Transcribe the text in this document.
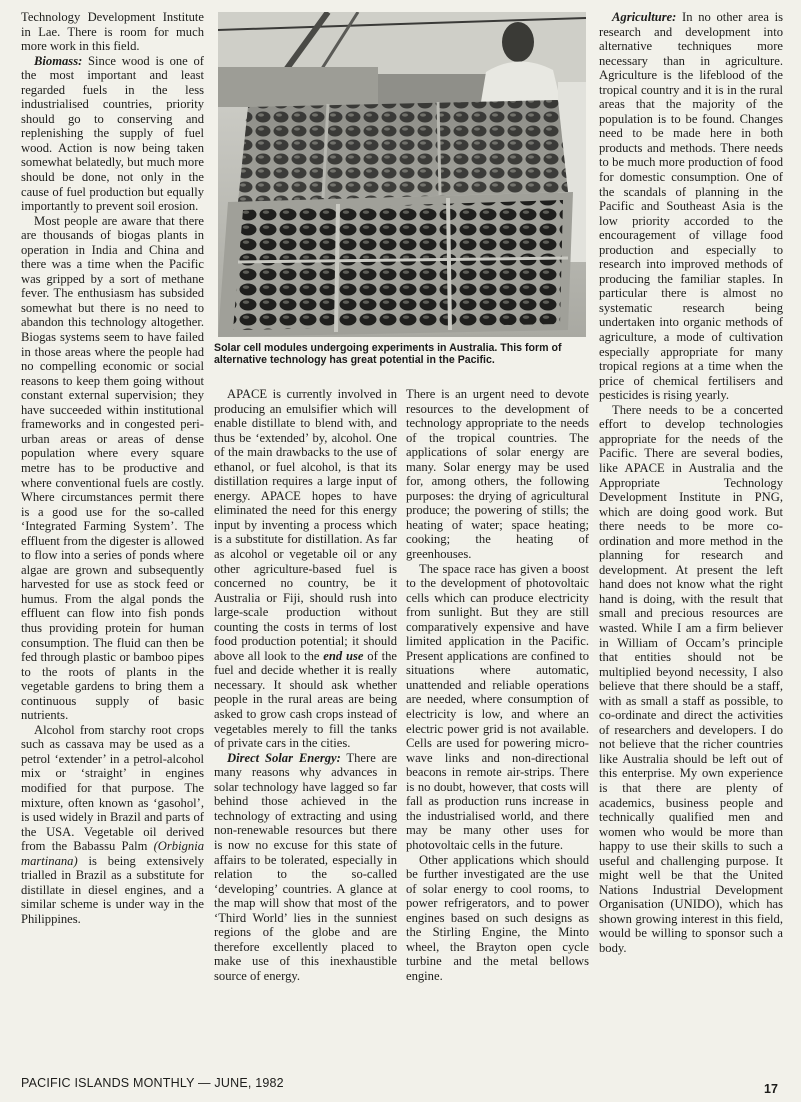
Technology Development Institute in Lae. There is room for much more work in this field.

Biomass: Since wood is one of the most important and least regarded fuels in the less industrialised countries, priority should go to conserving and replenishing the supply of fuel wood. Action is now being taken somewhat belatedly, but much more should be done, not only in the cause of fuel production but equally importantly to prevent soil erosion.

Most people are aware that there are thousands of biogas plants in operation in India and China and there was a time when the Pacific was gripped by a sort of methane fever. The enthusiasm has subsided somewhat but there is no need to abandon this technology altogether. Biogas systems seem to have failed in those areas where the people had no compelling economic or social reasons to keep them going without constant external supervision; they have succeeded within institutional frameworks and in congested peri-urban areas or areas of dense population where every square metre has to be productive and where conventional fuels are costly. Where circumstances permit there is a good use for the so-called ‘Integrated Farming System’. The effluent from the digester is allowed to flow into a series of ponds where algae are grown and subsequently harvested for use as stock feed or humus. From the algal ponds the effluent can flow into fish ponds thus providing protein for human consumption. The fluid can then be fed through plastic or bamboo pipes to the roots of plants in the vegetable gardens to bring them a continuous supply of basic nutrients.

Alcohol from starchy root crops such as cassava may be used as a petrol ‘extender’ in a petrol-alcohol mix or ‘straight’ in engines modified for that purpose. The mixture, often known as ‘gasohol’, is used widely in Brazil and parts of the USA. Vegetable oil derived from the Babassu Palm (Orbignia martinana) is being extensively trialled in Brazil as a substitute for distillate in diesel engines, and a similar scheme is under way in the Philippines.

Solar cell modules undergoing experiments in Australia. This form of alternative technology has great potential in the Pacific.

APACE is currently involved in producing an emulsifier which will enable distillate to blend with, and thus be ‘extended’ by, alcohol. One of the main drawbacks to the use of ethanol, or fuel alcohol, is that its distillation requires a large input of energy. APACE hopes to have eliminated the need for this energy input by inventing a process which is a substitute for distillation. As far as alcohol or vegetable oil or any other agriculture-based fuel is concerned no country, be it Australia or Fiji, should rush into large-scale production without counting the costs in terms of lost food production potential; it should above all look to the end use of the fuel and decide whether it is really necessary. It should ask whether people in the rural areas are being asked to grow cash crops instead of vegetables merely to fill the tanks of private cars in the cities.

Direct Solar Energy: There are many reasons why advances in solar technology have lagged so far behind those achieved in the technology of extracting and using non-renewable resources but there is now no excuse for this state of affairs to be tolerated, especially in relation to the so-called ‘developing’ countries. A glance at the map will show that most of the ‘Third World’ lies in the sunniest regions of the globe and are therefore excellently placed to make use of this inexhaustible source of energy.

There is an urgent need to devote resources to the development of technology appropriate to the needs of the tropical countries. The applications of solar energy are many. Solar energy may be used for, among others, the following purposes: the drying of agricultural produce; the powering of stills; the heating of water; space heating; cooking; the heating of greenhouses.

The space race has given a boost to the development of photovoltaic cells which can produce electricity from sunlight. But they are still comparatively expensive and have limited application in the Pacific. Present applications are confined to situations where automatic, unattended and reliable operations are needed, where consumption of electricity is low, and where an electric power grid is not available. Cells are used for powering micro-wave links and non-directional beacons in remote air-strips. There is no doubt, however, that costs will fall as production runs increase in the industrialised world, and there may be many other uses for photovoltaic cells in the future.

Other applications which should be further investigated are the use of solar energy to cool rooms, to power refrigerators, and to power engines based on such designs as the Stirling Engine, the Minto wheel, the Brayton open cycle turbine and the metal bellows engine.

Agriculture: In no other area is research and development into alternative techniques more necessary than in agriculture. Agriculture is the lifeblood of the tropical country and it is in the rural areas that the majority of the population is to be found. Changes need to be made here in both products and methods. There needs to be much more production of food for domestic consumption. One of the scandals of planning in the Pacific and Southeast Asia is the low priority accorded to the encouragement of village food production and especially to research into improved methods of producing the familiar staples. In particular there is almost no systematic research being undertaken into organic methods of agriculture, a mode of cultivation especially appropriate for many tropical regions at a time when the price of chemical fertilisers and pesticides is rising yearly.

There needs to be a concerted effort to develop technologies appropriate for the needs of the Pacific. There are several bodies, like APACE in Australia and the Appropriate Technology Development Institute in PNG, which are doing good work. But there needs to be more co-ordination and more method in the planning for research and development. At present the left hand does not know what the right hand is doing, with the result that small and precious resources are wasted. While I am a firm believer in William of Occam’s principle that entities should not be multiplied beyond necessity, I also believe that there should be a staff, with as small a staff as possible, to co-ordinate and direct the activities of researchers and developers. I do not believe that the richer countries like Australia should be left out of this enterprise. My own experience is that there are plenty of academics, business people and technically qualified men and women who would be more than happy to use their skills to such a useful and challenging purpose. It might well be that the United Nations Industrial Development Organisation (UNIDO), which has shown growing interest in this field, would be willing to sponsor such a body.

PACIFIC ISLANDS MONTHLY — JUNE, 1982	17
